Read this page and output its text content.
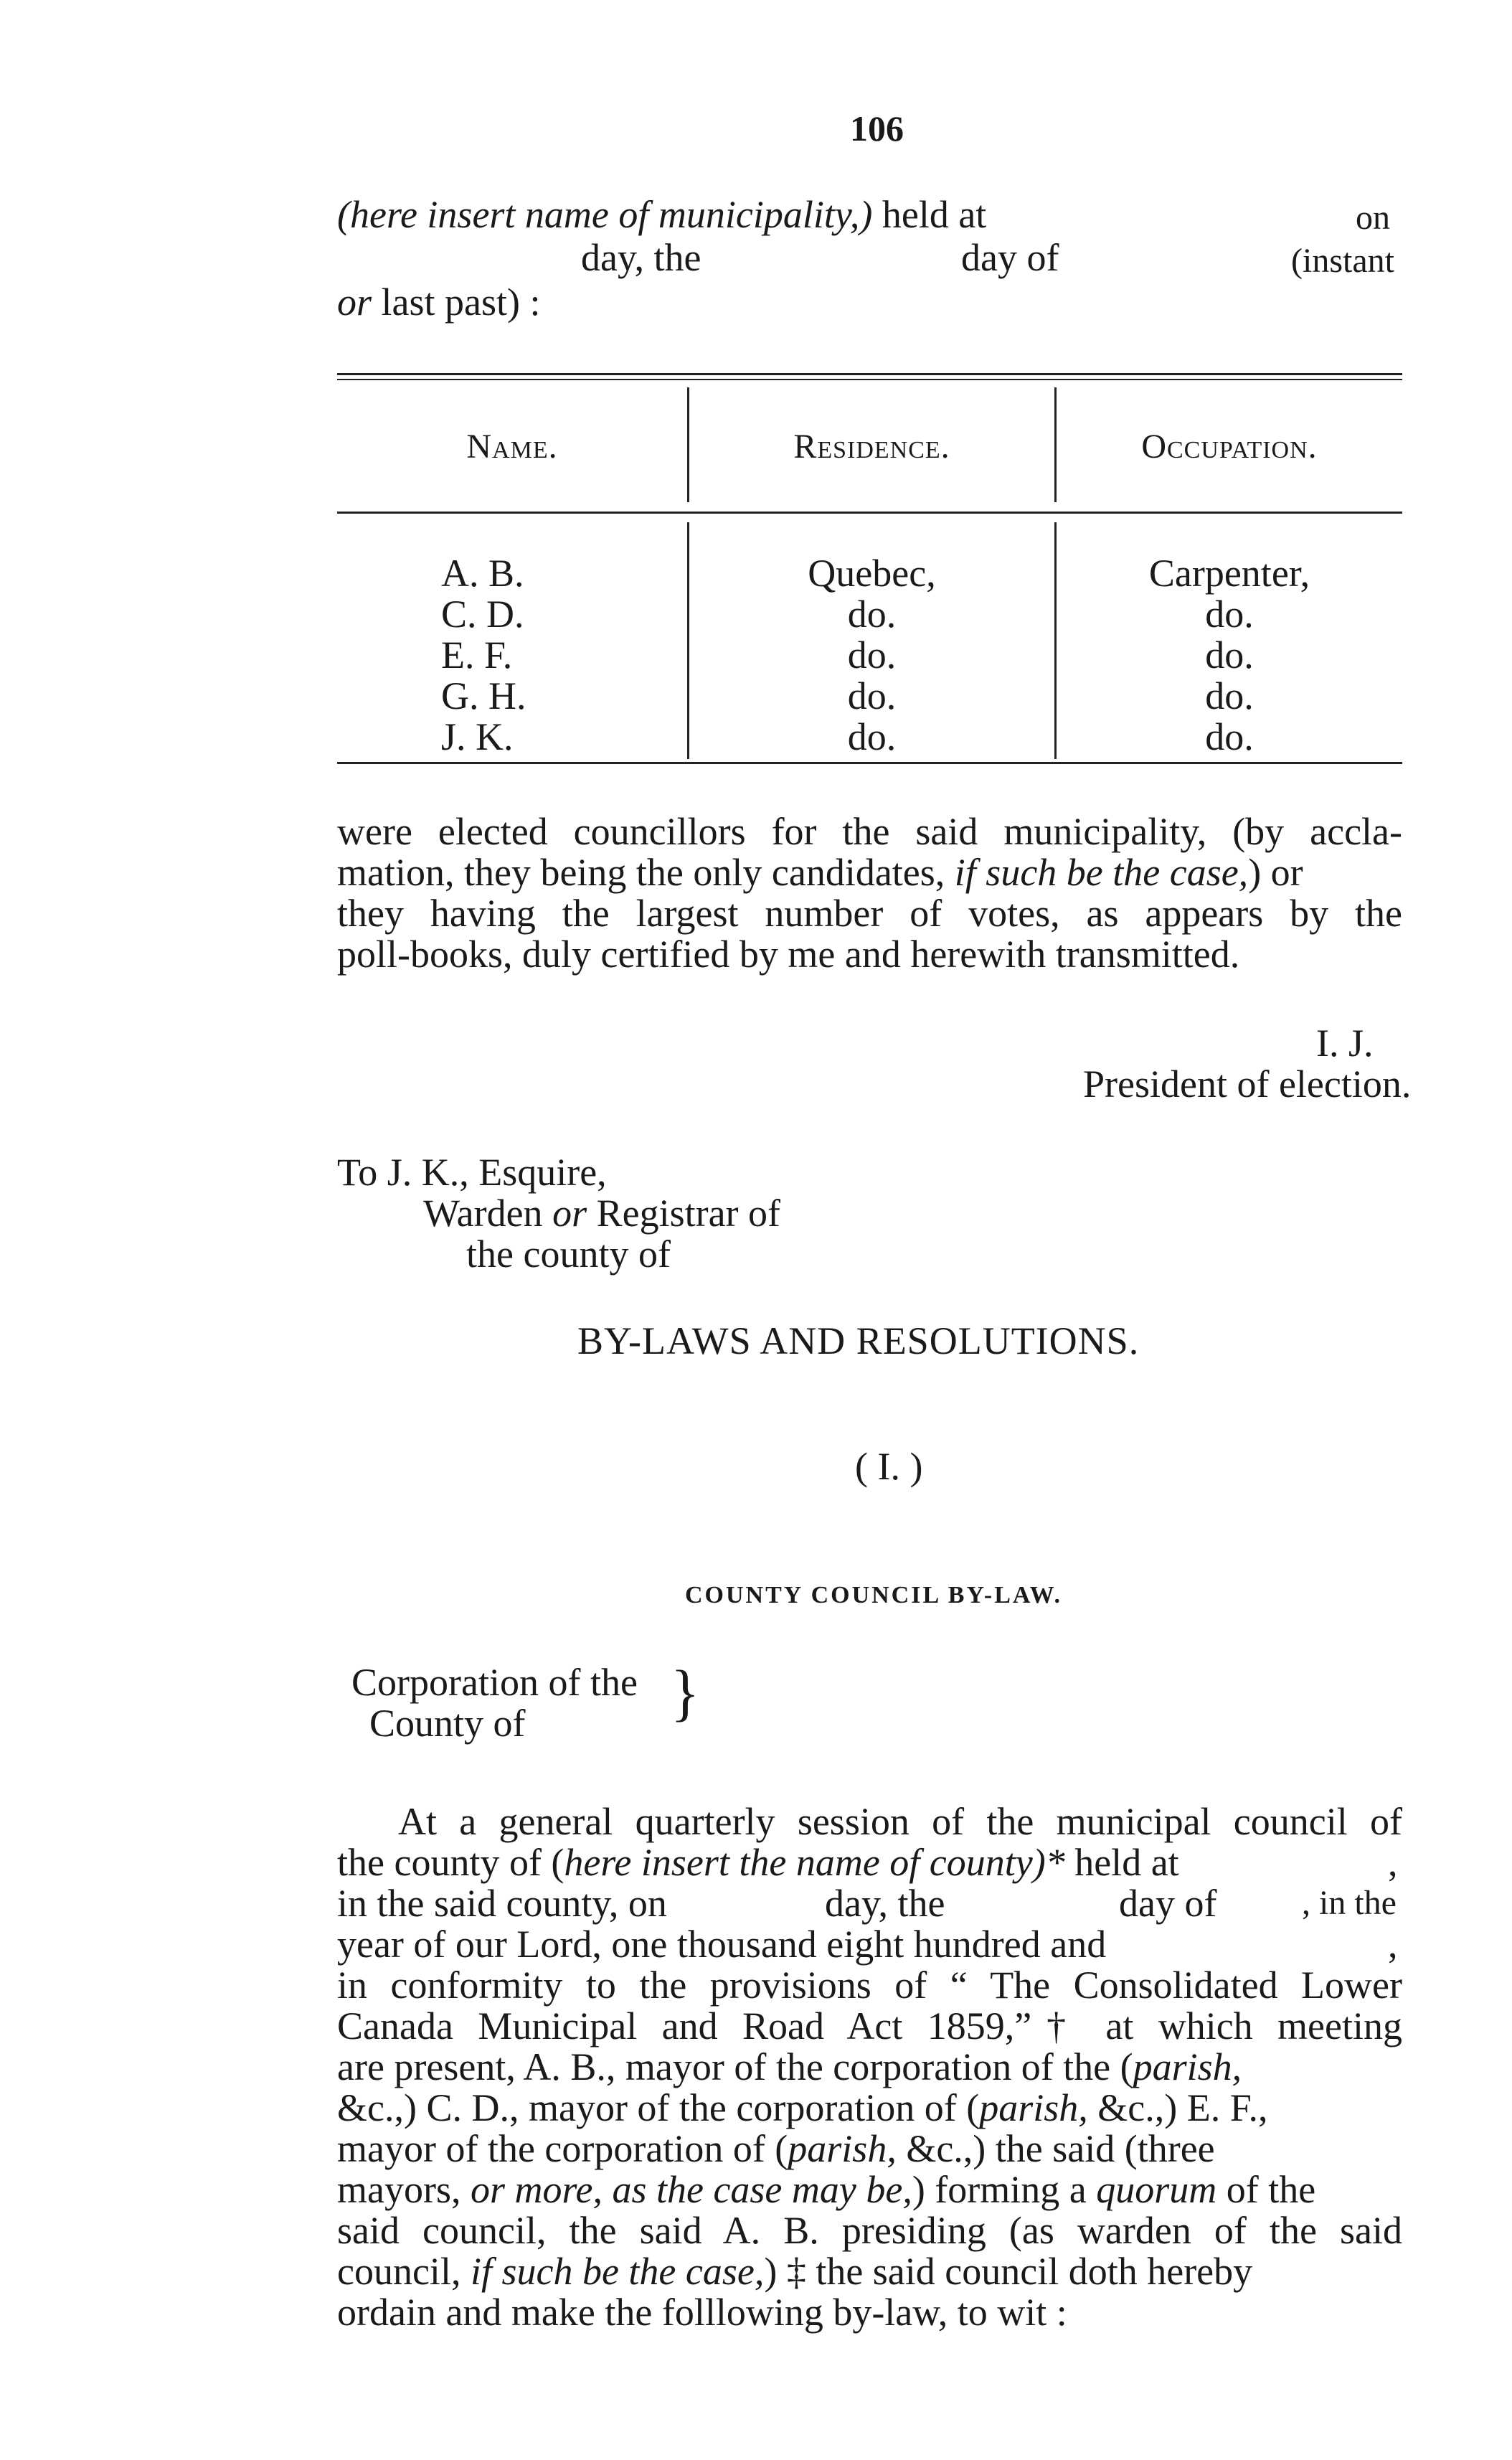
106
(here insert name of municipality,) held at	on
day, the	day of	(instant
or last past) :
Name.	Residence.	Occupation.
A. B.	Quebec,	Carpenter,
C. D.	do.	do.
E. F.	do.	do.
G. H.	do.	do.
J. K.	do.	do.
were elected councillors for the said municipality, (by accla-
mation, they being the only candidates, if such be the case,) or
they having the largest number of votes, as appears by the
poll-books, duly certified by me and herewith transmitted.
I. J.
President of election.
To J. K., Esquire,
Warden or Registrar of
the county of
BY-LAWS AND RESOLUTIONS.
( I. )
COUNTY COUNCIL BY-LAW.
Corporation of the
County of }
At a general quarterly session of the municipal council of
the county of (here insert the name of county)* held at	,
in the said county, on	day, the	day of , in the
year of our Lord, one thousand eight hundred and	,
in conformity to the provisions of “ The Consolidated Lower
Canada Municipal and Road Act 1859,”† at which meeting
are present, A. B., mayor of the corporation of the (parish,
&c.,) C. D., mayor of the corporation of (parish, &c.,) E. F.,
mayor of the corporation of (parish, &c.,) the said (three
mayors, or more, as the case may be,) forming a quorum of the
said council, the said A. B. presiding (as warden of the said
council, if such be the case,) ‡ the said council doth hereby
ordain and make the folllowing by-law, to wit :
